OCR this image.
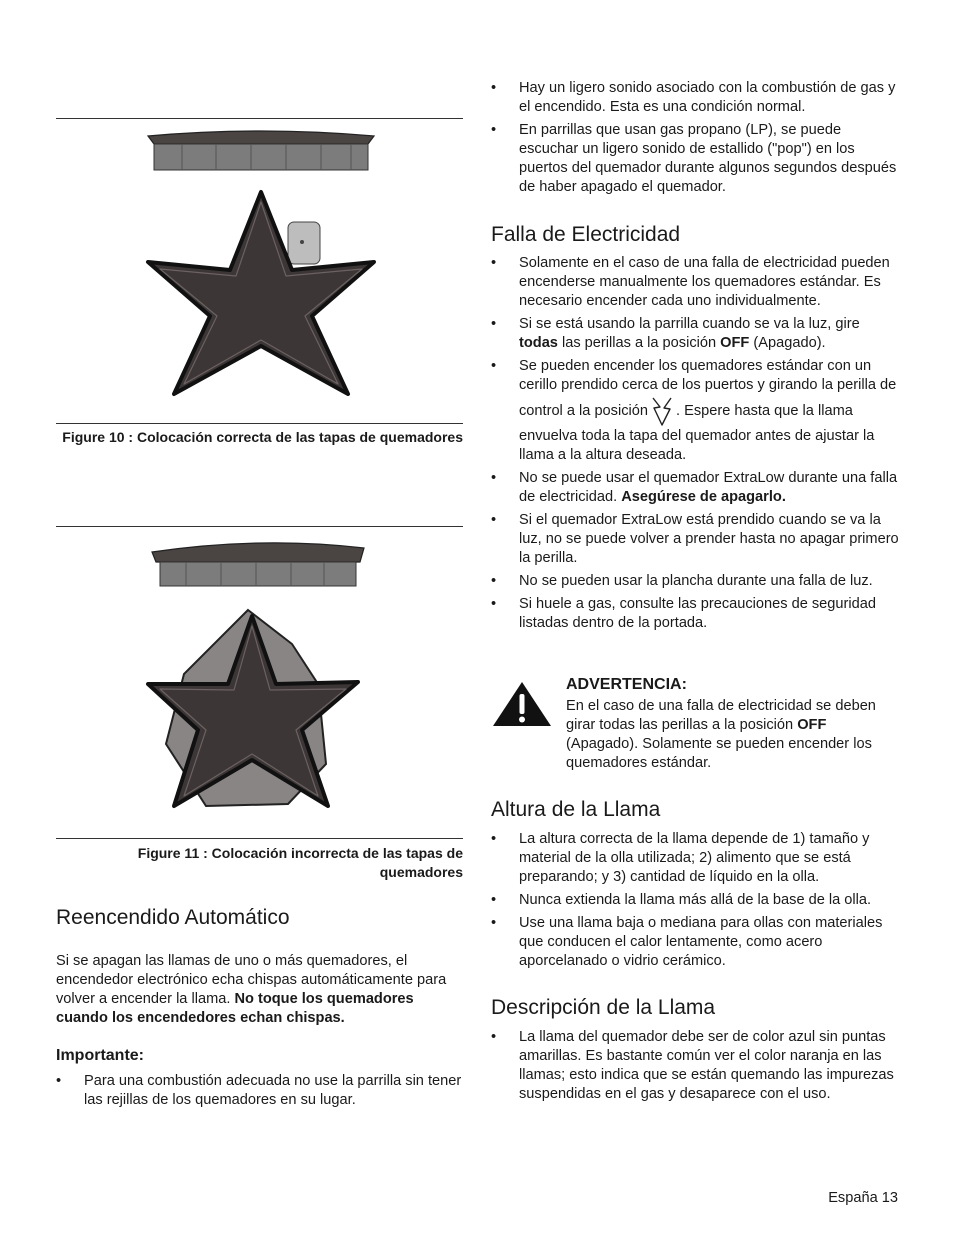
Figure 10 : Colocación correcta de las tapas de quemadores
Figure 11 : Colocación incorrecta de las tapas de quemadores
Reencendido Automático

Si se apagan las llamas de uno o más quemadores, el encendedor electrónico echa chispas automáticamente para volver a encender la llama. No toque los quemadores cuando los encendedores echan chispas.

Importante:
• Para una combustión adecuada no use la parrilla sin tener las rejillas de los quemadores en su lugar.
• Hay un ligero sonido asociado con la combustión de gas y el encendido. Esta es una condición normal.
• En parrillas que usan gas propano (LP), se puede escuchar un ligero sonido de estallido ("pop") en los puertos del quemador durante algunos segundos después de haber apagado el quemador.
Falla de Electricidad
• Solamente en el caso de una falla de electricidad pueden encenderse manualmente los quemadores estándar. Es necesario encender cada uno individualmente.
• Si se está usando la parrilla cuando se va la luz, gire todas las perillas a la posición OFF (Apagado).
• Se pueden encender los quemadores estándar con un cerillo prendido cerca de los puertos y girando la perilla de control a la posición . Espere hasta que la llama envuelva toda la tapa del quemador antes de ajustar la llama a la altura deseada.
• No se puede usar el quemador ExtraLow durante una falla de electricidad. Asegúrese de apagarlo.
• Si el quemador ExtraLow está prendido cuando se va la luz, no se puede volver a prender hasta no apagar primero la perilla.
• No se pueden usar la plancha durante una falla de luz.
• Si huele a gas, consulte las precauciones de seguridad listadas dentro de la portada.
ADVERTENCIA:

En el caso de una falla de electricidad se deben girar todas las perillas a la posición OFF (Apagado). Solamente se pueden encender los quemadores estándar.

Altura de la Llama
• La altura correcta de la llama depende de 1) tamaño y material de la olla utilizada; 2) alimento que se está preparando; y 3) cantidad de líquido en la olla.
• Nunca extienda la llama más allá de la base de la olla.
• Use una llama baja o mediana para ollas con materiales que conducen el calor lentamente, como acero aporcelanado o vidrio cerámico.
Descripción de la Llama
• La llama del quemador debe ser de color azul sin puntas amarillas. Es bastante común ver el color naranja en las llamas; esto indica que se están quemando las impurezas suspendidas en el gas y desaparece con el uso.
España 13
